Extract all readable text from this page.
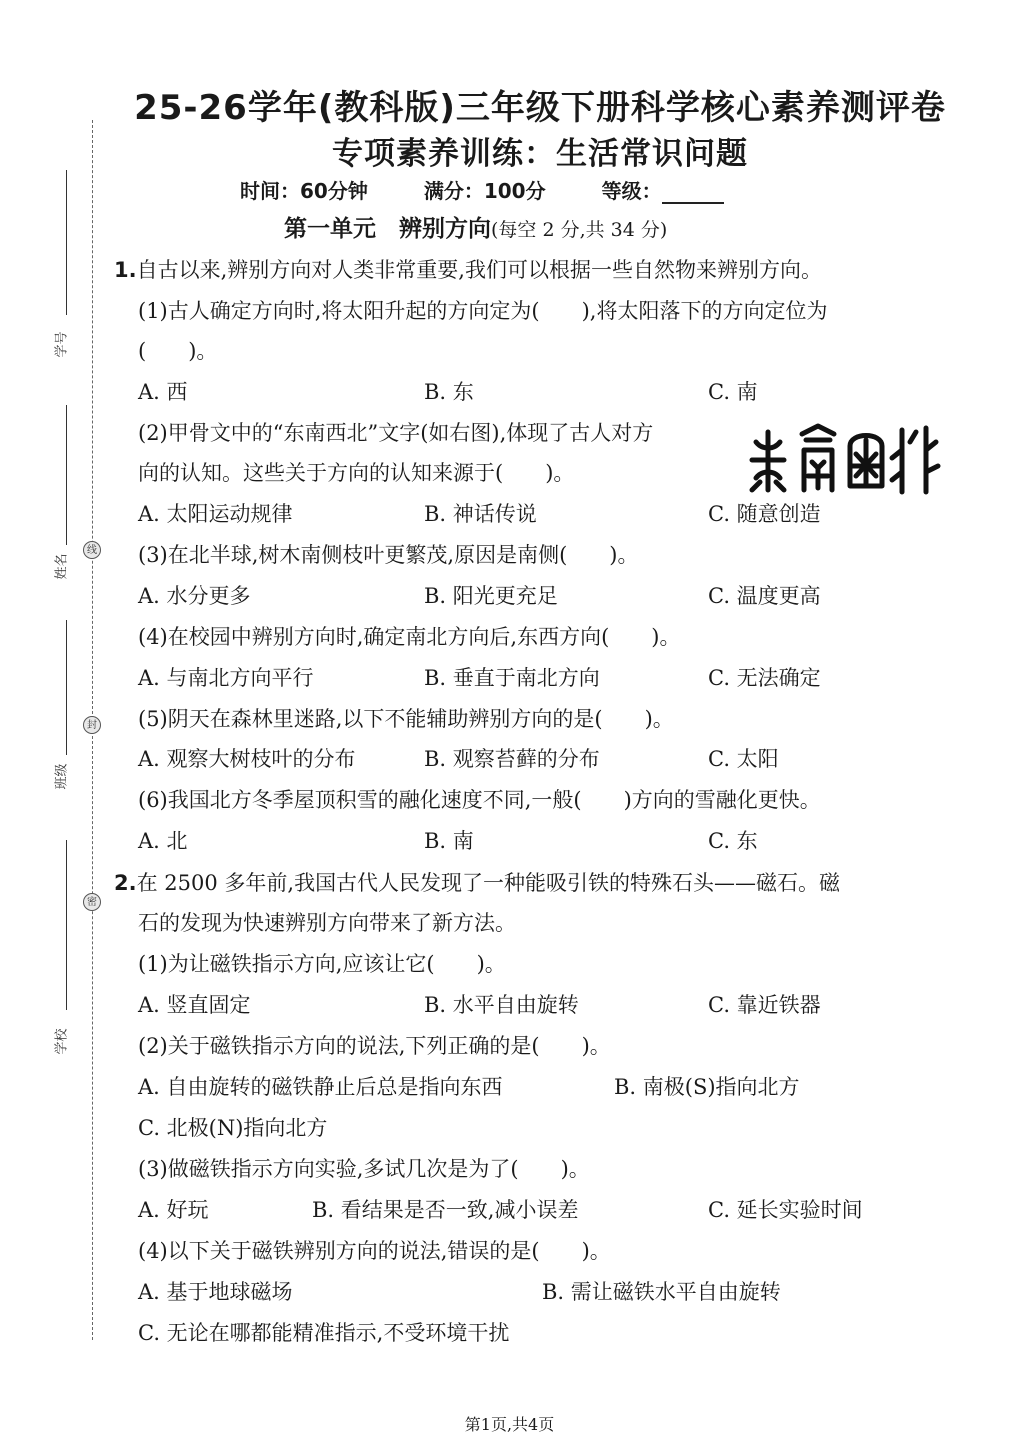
学号
姓名
线
封
班级
密
学校
25-26学年(教科版)三年级下册科学核心素养测评卷
专项素养训练：生活常识问题
时间：60分钟	满分：100分	等级：
第一单元　辨别方向(每空 2 分,共 34 分)
1.自古以来,辨别方向对人类非常重要,我们可以根据一些自然物来辨别方向。
(1)古人确定方向时,将太阳升起的方向定为(　　),将太阳落下的方向定位为
(　　)。
A. 西	B. 东	C. 南
(2)甲骨文中的“东南西北”文字(如右图),体现了古人对方
向的认知。这些关于方向的认知来源于(　　)。
A. 太阳运动规律	B. 神话传说	C. 随意创造
(3)在北半球,树木南侧枝叶更繁茂,原因是南侧(　　)。
A. 水分更多	B. 阳光更充足	C. 温度更高
(4)在校园中辨别方向时,确定南北方向后,东西方向(　　)。
A. 与南北方向平行	B. 垂直于南北方向	C. 无法确定
(5)阴天在森林里迷路,以下不能辅助辨别方向的是(　　)。
A. 观察大树枝叶的分布	B. 观察苔藓的分布	C. 太阳
(6)我国北方冬季屋顶积雪的融化速度不同,一般(　　)方向的雪融化更快。
A. 北	B. 南	C. 东
2.在 2500 多年前,我国古代人民发现了一种能吸引铁的特殊石头——磁石。磁
石的发现为快速辨别方向带来了新方法。
(1)为让磁铁指示方向,应该让它(　　)。
A. 竖直固定	B. 水平自由旋转	C. 靠近铁器
(2)关于磁铁指示方向的说法,下列正确的是(　　)。
A. 自由旋转的磁铁静止后总是指向东西	B. 南极(S)指向北方
C. 北极(N)指向北方
(3)做磁铁指示方向实验,多试几次是为了(　　)。
A. 好玩	B. 看结果是否一致,减小误差	C. 延长实验时间
(4)以下关于磁铁辨别方向的说法,错误的是(　　)。
A. 基于地球磁场	B. 需让磁铁水平自由旋转
C. 无论在哪都能精准指示,不受环境干扰
第1页,共4页
